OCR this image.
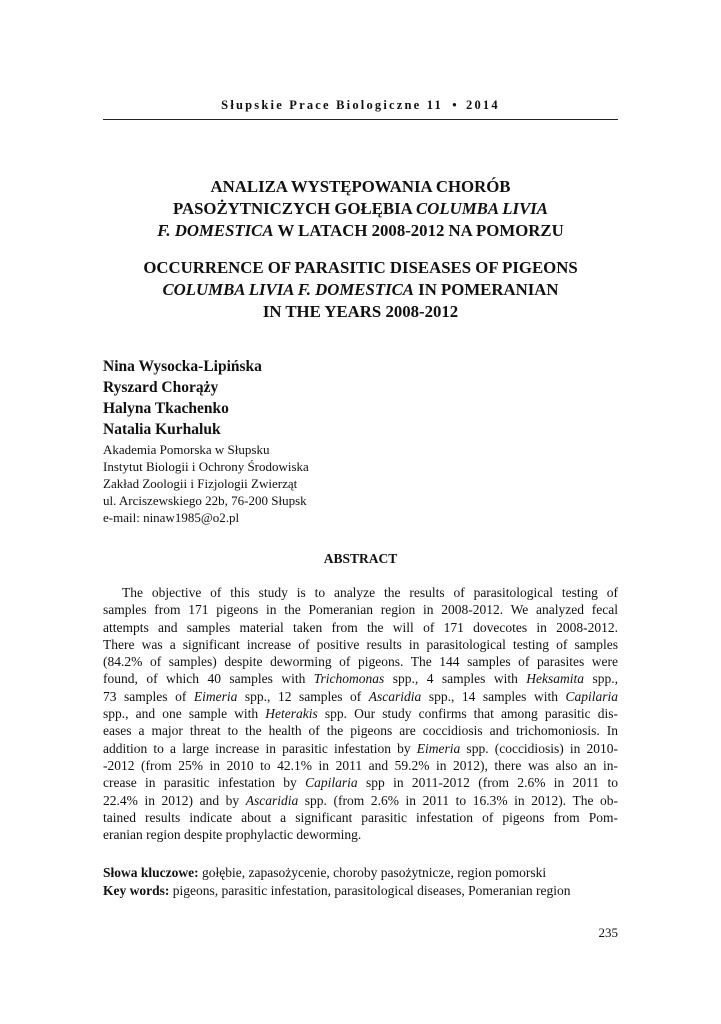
Słupskie Prace Biologiczne 11 • 2014
ANALIZA WYSTĘPOWANIA CHORÓB
PASOŻYTNICZYCH GOŁĘBIA COLUMBA LIVIA
F. DOMESTICA W LATACH 2008-2012 NA POMORZU
OCCURRENCE OF PARASITIC DISEASES OF PIGEONS
COLUMBA LIVIA F. DOMESTICA IN POMERANIAN
IN THE YEARS 2008-2012
Nina Wysocka-Lipińska
Ryszard Chorąży
Halyna Tkachenko
Natalia Kurhaluk
Akademia Pomorska w Słupsku
Instytut Biologii i Ochrony Środowiska
Zakład Zoologii i Fizjologii Zwierząt
ul. Arciszewskiego 22b, 76-200 Słupsk
e-mail: ninaw1985@o2.pl
ABSTRACT
The objective of this study is to analyze the results of parasitological testing of
samples from 171 pigeons in the Pomeranian region in 2008-2012. We analyzed fecal
attempts and samples material taken from the will of 171 dovecotes in 2008-2012.
There was a significant increase of positive results in parasitological testing of samples
(84.2% of samples) despite deworming of pigeons. The 144 samples of parasites were
found, of which 40 samples with Trichomonas spp., 4 samples with Heksamita spp.,
73 samples of Eimeria spp., 12 samples of Ascaridia spp., 14 samples with Capilaria
spp., and one sample with Heterakis spp. Our study confirms that among parasitic dis-
eases a major threat to the health of the pigeons are coccidiosis and trichomoniosis. In
addition to a large increase in parasitic infestation by Eimeria spp. (coccidiosis) in 2010-
-2012 (from 25% in 2010 to 42.1% in 2011 and 59.2% in 2012), there was also an in-
crease in parasitic infestation by Capilaria spp in 2011-2012 (from 2.6% in 2011 to
22.4% in 2012) and by Ascaridia spp. (from 2.6% in 2011 to 16.3% in 2012). The ob-
tained results indicate about a significant parasitic infestation of pigeons from Pom-
eranian region despite prophylactic deworming.
Słowa kluczowe: gołębie, zapasożycenie, choroby pasożytnicze, region pomorski
Key words: pigeons, parasitic infestation, parasitological diseases, Pomeranian region
235
